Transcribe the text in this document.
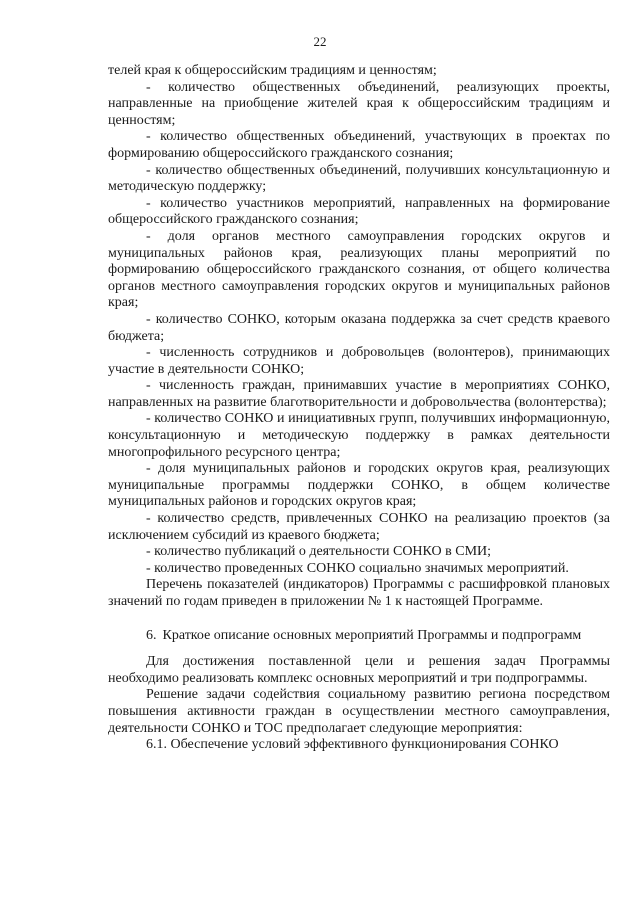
22

телей края к общероссийским традициям и ценностям;

- количество общественных объединений, реализующих проекты, направленные на приобщение жителей края к общероссийским традициям и ценностям;

- количество общественных объединений, участвующих в проектах по формированию общероссийского гражданского сознания;

- количество общественных объединений, получивших консультационную и методическую поддержку;

- количество участников мероприятий, направленных на формирование общероссийского гражданского сознания;

- доля органов местного самоуправления городских округов и муниципальных районов края, реализующих планы мероприятий по формированию общероссийского гражданского сознания, от общего количества органов местного самоуправления городских округов и муниципальных районов края;

- количество СОНКО, которым оказана поддержка за счет средств краевого бюджета;

- численность сотрудников и добровольцев (волонтеров), принимающих участие в деятельности СОНКО;

- численность граждан, принимавших участие в мероприятиях СОНКО, направленных на развитие благотворительности и добровольчества (волонтерства);

- количество СОНКО и инициативных групп, получивших информационную, консультационную и методическую поддержку в рамках деятельности многопрофильного ресурсного центра;

- доля муниципальных районов и городских округов края, реализующих муниципальные программы поддержки СОНКО, в общем количестве муниципальных районов и городских округов края;

- количество средств, привлеченных СОНКО на реализацию проектов (за исключением субсидий из краевого бюджета;

- количество публикаций о деятельности СОНКО в СМИ;

- количество проведенных СОНКО социально значимых мероприятий.

Перечень показателей (индикаторов) Программы с расшифровкой плановых значений по годам приведен в приложении № 1 к настоящей Программе.

6. Краткое описание основных мероприятий Программы и подпрограмм

Для достижения поставленной цели и решения задач Программы необходимо реализовать комплекс основных мероприятий и три подпрограммы.

Решение задачи содействия социальному развитию региона посредством повышения активности граждан в осуществлении местного самоуправления, деятельности СОНКО и ТОС предполагает следующие мероприятия:

6.1. Обеспечение условий эффективного функционирования СОНКО
